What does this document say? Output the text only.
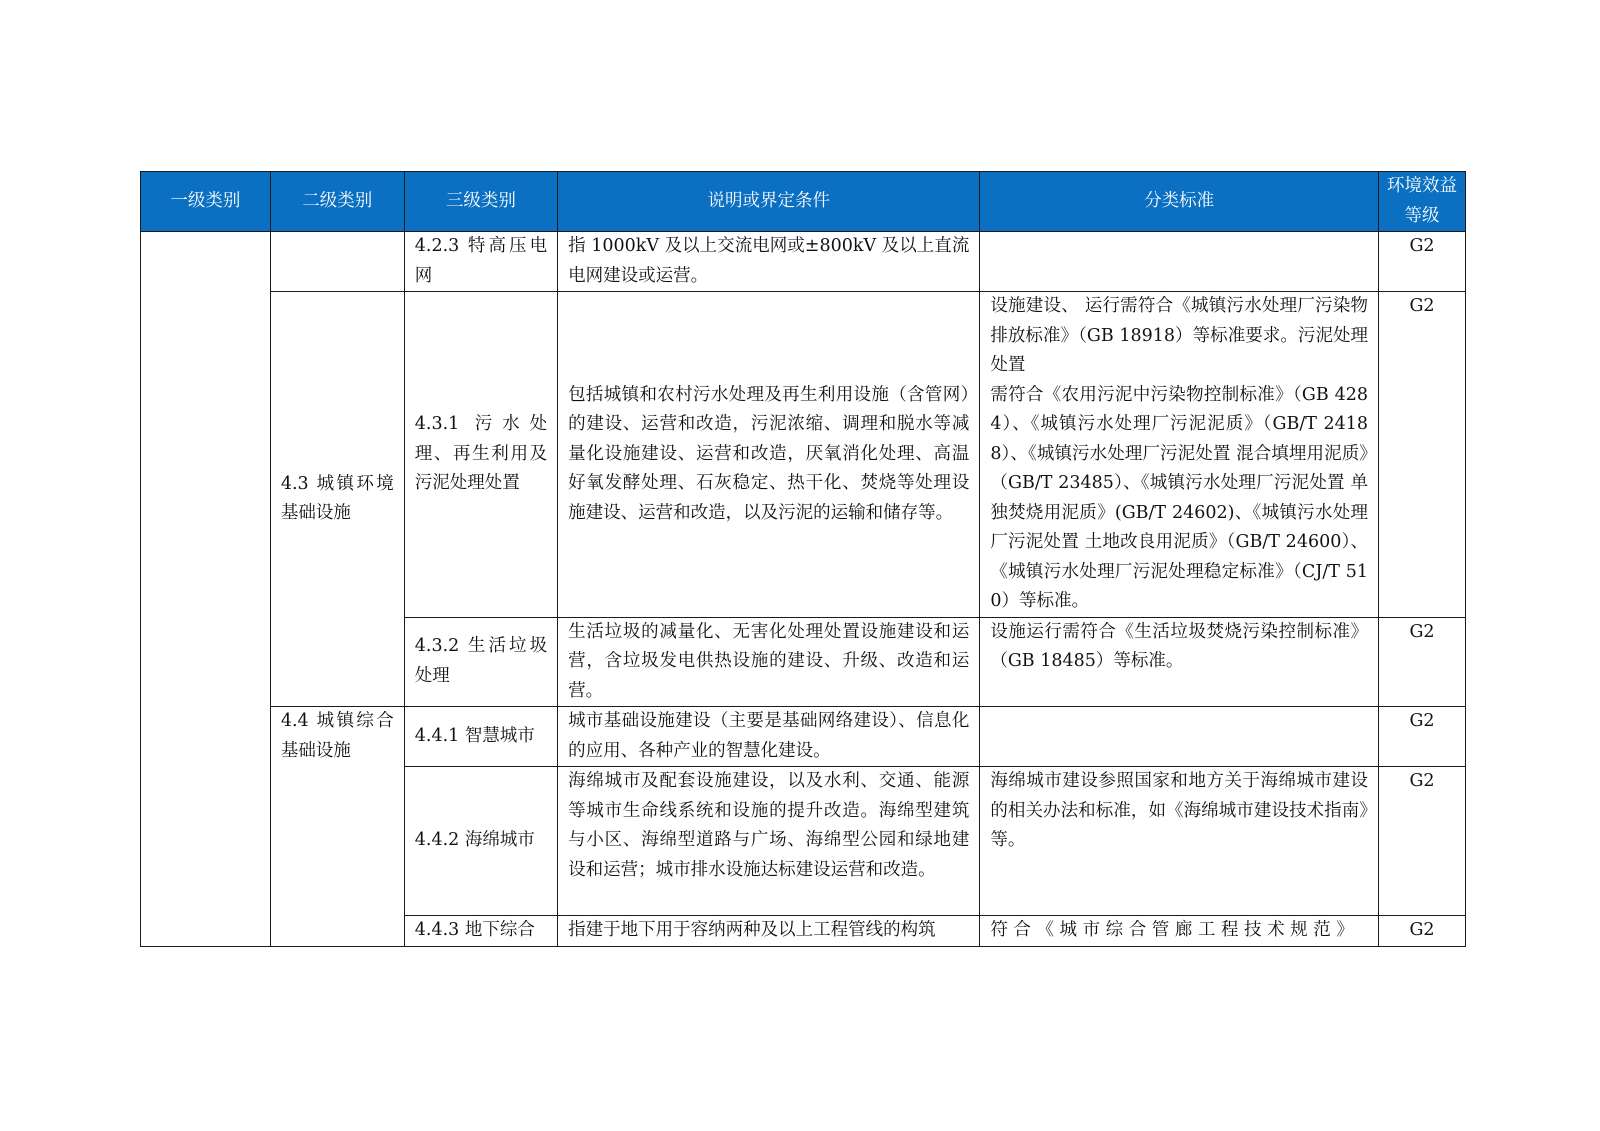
一级类别	二级类别	三级类别	说明或界定条件	分类标准	环境效益等级
		4.2.3 特高压电网	指 1000kV 及以上交流电网或±800kV 及以上直流电网建设或运营。		G2
	4.3 城镇环境基础设施	4.3.1 污水处理、再生利用及污泥处理处置	包括城镇和农村污水处理及再生利用设施（含管网）的建设、运营和改造，污泥浓缩、调理和脱水等减量化设施建设、运营和改造，厌氧消化处理、高温好氧发酵处理、石灰稳定、热干化、焚烧等处理设施建设、运营和改造，以及污泥的运输和储存等。	设施建设、 运行需符合《城镇污水处理厂污染物排放标准》（GB 18918）等标准要求。污泥处理处置
需符合《农用污泥中污染物控制标准》（GB 4284）、《城镇污水处理厂污泥泥质》（GB/T 24188）、《城镇污水处理厂污泥处置 混合填埋用泥质》（GB/T 23485）、《城镇污水处理厂污泥处置 单独焚烧用泥质》(GB/T 24602)、《城镇污水处理厂污泥处置 土地改良用泥质》（GB/T 24600）、《城镇污水处理厂污泥处理稳定标准》（CJ/T 510）等标准。	G2
		4.3.2 生活垃圾处理	生活垃圾的减量化、无害化处理处置设施建设和运营，含垃圾发电供热设施的建设、升级、改造和运营。	设施运行需符合《生活垃圾焚烧污染控制标准》（GB 18485）等标准。	G2
	4.4 城镇综合基础设施	4.4.1 智慧城市	城市基础设施建设（主要是基础网络建设）、信息化的应用、各种产业的智慧化建设。		G2
		4.4.2 海绵城市	海绵城市及配套设施建设，以及水利、交通、能源等城市生命线系统和设施的提升改造。海绵型建筑与小区、海绵型道路与广场、海绵型公园和绿地建设和运营；城市排水设施达标建设运营和改造。	海绵城市建设参照国家和地方关于海绵城市建设的相关办法和标准，如《海绵城市建设技术指南》等。	G2
		4.4.3 地下综合	指建于地下用于容纳两种及以上工程管线的构筑	符 合 《 城 市 综 合 管 廊 工 程 技 术 规 范 》	G2
